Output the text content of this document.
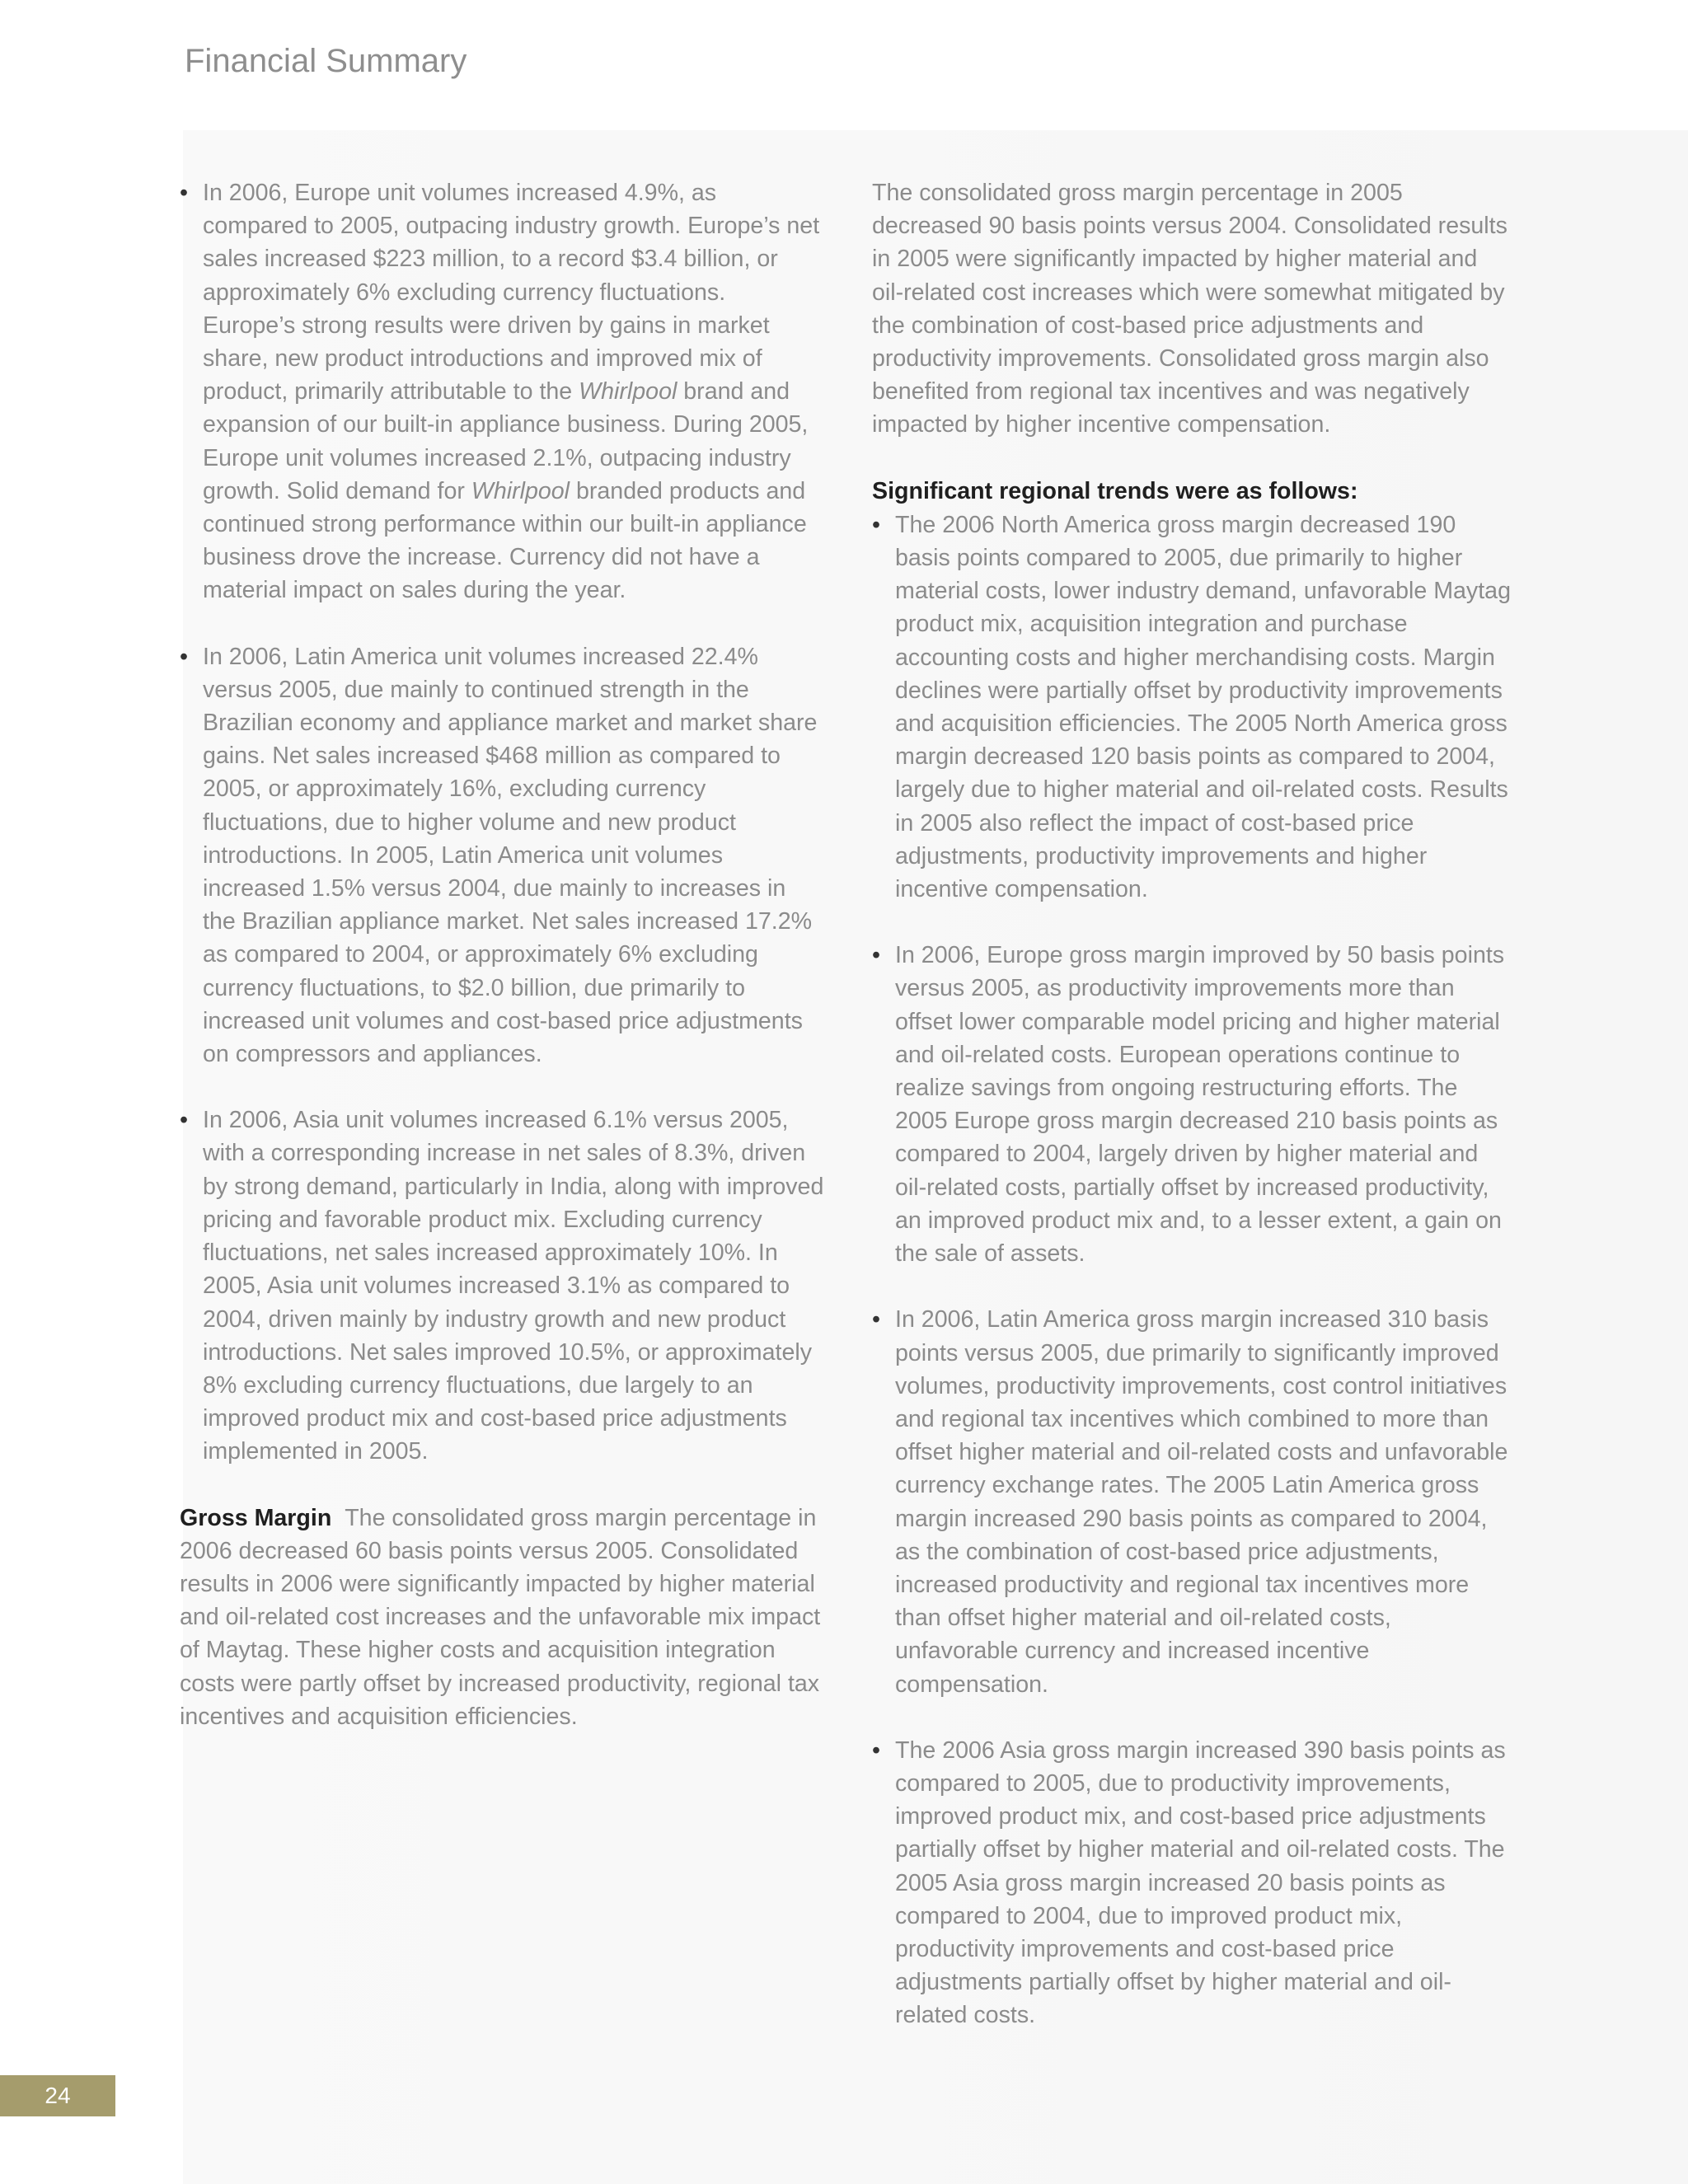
Financial Summary
• In 2006, Europe unit volumes increased 4.9%, as compared to 2005, outpacing industry growth. Europe’s net sales increased $223 million, to a record $3.4 billion, or approximately 6% excluding currency fluctuations. Europe’s strong results were driven by gains in market share, new product introductions and improved mix of product, primarily attributable to the Whirlpool brand and expansion of our built-in appliance business. During 2005, Europe unit volumes increased 2.1%, outpacing industry growth. Solid demand for Whirlpool branded products and continued strong performance within our built-in appliance business drove the increase. Currency did not have a material impact on sales during the year.
• In 2006, Latin America unit volumes increased 22.4% versus 2005, due mainly to continued strength in the Brazilian economy and appliance market and market share gains. Net sales increased $468 million as compared to 2005, or approximately 16%, excluding currency fluctuations, due to higher volume and new product introductions. In 2005, Latin America unit volumes increased 1.5% versus 2004, due mainly to increases in the Brazilian appliance market. Net sales increased 17.2% as compared to 2004, or approximately 6% excluding currency fluctuations, to $2.0 billion, due primarily to increased unit volumes and cost-based price adjustments on compressors and appliances.
• In 2006, Asia unit volumes increased 6.1% versus 2005, with a corresponding increase in net sales of 8.3%, driven by strong demand, particularly in India, along with improved pricing and favorable product mix. Excluding currency fluctuations, net sales increased approximately 10%. In 2005, Asia unit volumes increased 3.1% as compared to 2004, driven mainly by industry growth and new product introductions. Net sales improved 10.5%, or approximately 8% excluding currency fluctuations, due largely to an improved product mix and cost-based price adjustments implemented in 2005.

Gross Margin The consolidated gross margin percentage in 2006 decreased 60 basis points versus 2005. Consolidated results in 2006 were significantly impacted by higher material and oil-related cost increases and the unfavorable mix impact of Maytag. These higher costs and acquisition integration costs were partly offset by increased productivity, regional tax incentives and acquisition efficiencies.

The consolidated gross margin percentage in 2005 decreased 90 basis points versus 2004. Consolidated results in 2005 were significantly impacted by higher material and oil-related cost increases which were somewhat mitigated by the combination of cost-based price adjustments and productivity improvements. Consolidated gross margin also benefited from regional tax incentives and was negatively impacted by higher incentive compensation.

Significant regional trends were as follows:

• The 2006 North America gross margin decreased 190 basis points compared to 2005, due primarily to higher material costs, lower industry demand, unfavorable Maytag product mix, acquisition integration and purchase accounting costs and higher merchandising costs. Margin declines were partially offset by productivity improvements and acquisition efficiencies. The 2005 North America gross margin decreased 120 basis points as compared to 2004, largely due to higher material and oil-related costs. Results in 2005 also reflect the impact of cost-based price adjustments, productivity improvements and higher incentive compensation.
• In 2006, Europe gross margin improved by 50 basis points versus 2005, as productivity improvements more than offset lower comparable model pricing and higher material and oil-related costs. European operations continue to realize savings from ongoing restructuring efforts. The 2005 Europe gross margin decreased 210 basis points as compared to 2004, largely driven by higher material and oil-related costs, partially offset by increased productivity, an improved product mix and, to a lesser extent, a gain on the sale of assets.
• In 2006, Latin America gross margin increased 310 basis points versus 2005, due primarily to significantly improved volumes, productivity improvements, cost control initiatives and regional tax incentives which combined to more than offset higher material and oil-related costs and unfavorable currency exchange rates. The 2005 Latin America gross margin increased 290 basis points as compared to 2004, as the combination of cost-based price adjustments, increased productivity and regional tax incentives more than offset higher material and oil-related costs, unfavorable currency and increased incentive compensation.
• The 2006 Asia gross margin increased 390 basis points as compared to 2005, due to productivity improvements, improved product mix, and cost-based price adjustments partially offset by higher material and oil-related costs. The 2005 Asia gross margin increased 20 basis points as compared to 2004, due to improved product mix, productivity improvements and cost-based price adjustments partially offset by higher material and oil-related costs.
24
